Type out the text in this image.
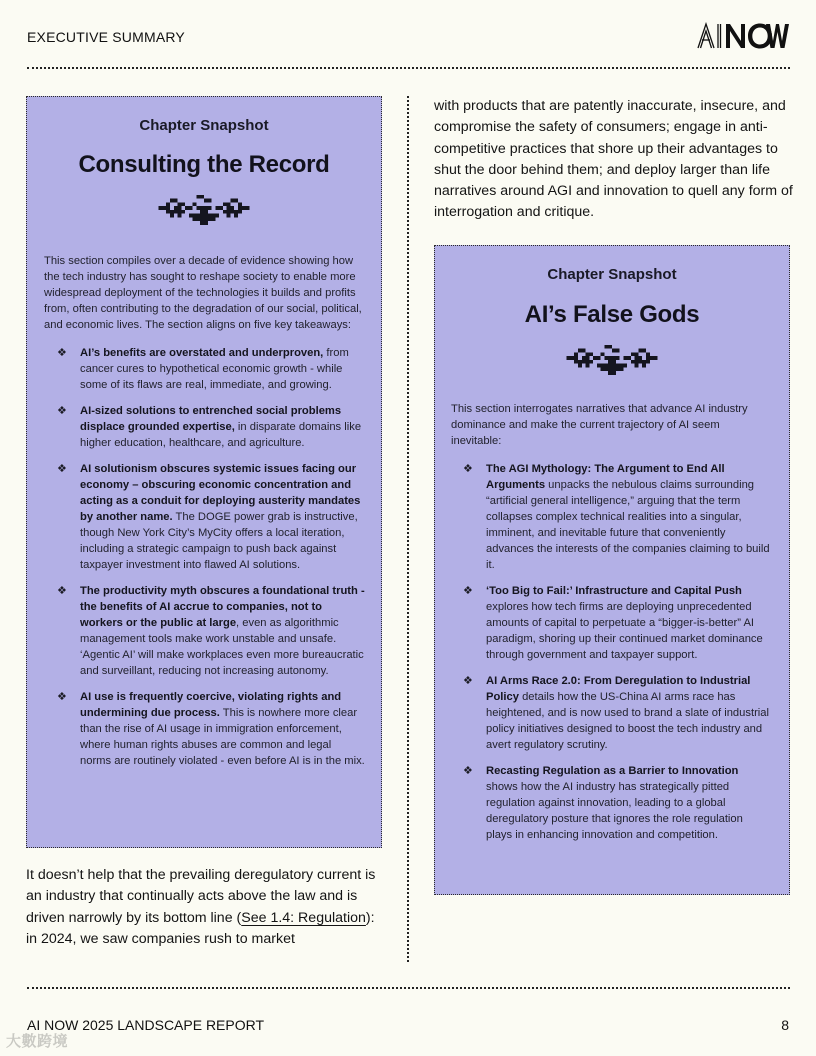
EXECUTIVE SUMMARY
Chapter Snapshot
Consulting the Record

This section compiles over a decade of evidence showing how the tech industry has sought to reshape society to enable more widespread deployment of the technologies it builds and profits from, often contributing to the degradation of our social, political, and economic lives. The section aligns on five key takeaways:

❖ AI’s benefits are overstated and underproven, from cancer cures to hypothetical economic growth - while some of its flaws are real, immediate, and growing.
❖ AI-sized solutions to entrenched social problems displace grounded expertise, in disparate domains like higher education, healthcare, and agriculture.
❖ AI solutionism obscures systemic issues facing our economy – obscuring economic concentration and acting as a conduit for deploying austerity mandates by another name. The DOGE power grab is instructive, though New York City’s MyCity offers a local iteration, including a strategic campaign to push back against taxpayer investment into flawed AI solutions.
❖ The productivity myth obscures a foundational truth - the benefits of AI accrue to companies, not to workers or the public at large, even as algorithmic management tools make work unstable and unsafe. ‘Agentic AI’ will make workplaces even more bureaucratic and surveillant, reducing not increasing autonomy.
❖ AI use is frequently coercive, violating rights and undermining due process. This is nowhere more clear than the rise of AI usage in immigration enforcement, where human rights abuses are common and legal norms are routinely violated - even before AI is in the mix.

It doesn’t help that the prevailing deregulatory current is an industry that continually acts above the law and is driven narrowly by its bottom line (See 1.4: Regulation): in 2024, we saw companies rush to market

with products that are patently inaccurate, insecure, and compromise the safety of consumers; engage in anti-competitive practices that shore up their advantages to shut the door behind them; and deploy larger than life narratives around AGI and innovation to quell any form of interrogation and critique.

Chapter Snapshot
AI’s False Gods

This section interrogates narratives that advance AI industry dominance and make the current trajectory of AI seem inevitable:

❖ The AGI Mythology: The Argument to End All Arguments unpacks the nebulous claims surrounding “artificial general intelligence,” arguing that the term collapses complex technical realities into a singular, imminent, and inevitable future that conveniently advances the interests of the companies claiming to build it.
❖ ‘Too Big to Fail:’ Infrastructure and Capital Push explores how tech firms are deploying unprecedented amounts of capital to perpetuate a “bigger-is-better” AI paradigm, shoring up their continued market dominance through government and taxpayer support.
❖ AI Arms Race 2.0: From Deregulation to Industrial Policy details how the US-China AI arms race has heightened, and is now used to brand a slate of industrial policy initiatives designed to boost the tech industry and avert regulatory scrutiny.
❖ Recasting Regulation as a Barrier to Innovation shows how the AI industry has strategically pitted regulation against innovation, leading to a global deregulatory posture that ignores the role regulation plays in enhancing innovation and competition.
AI NOW 2025 LANDSCAPE REPORT	8
大數跨境
